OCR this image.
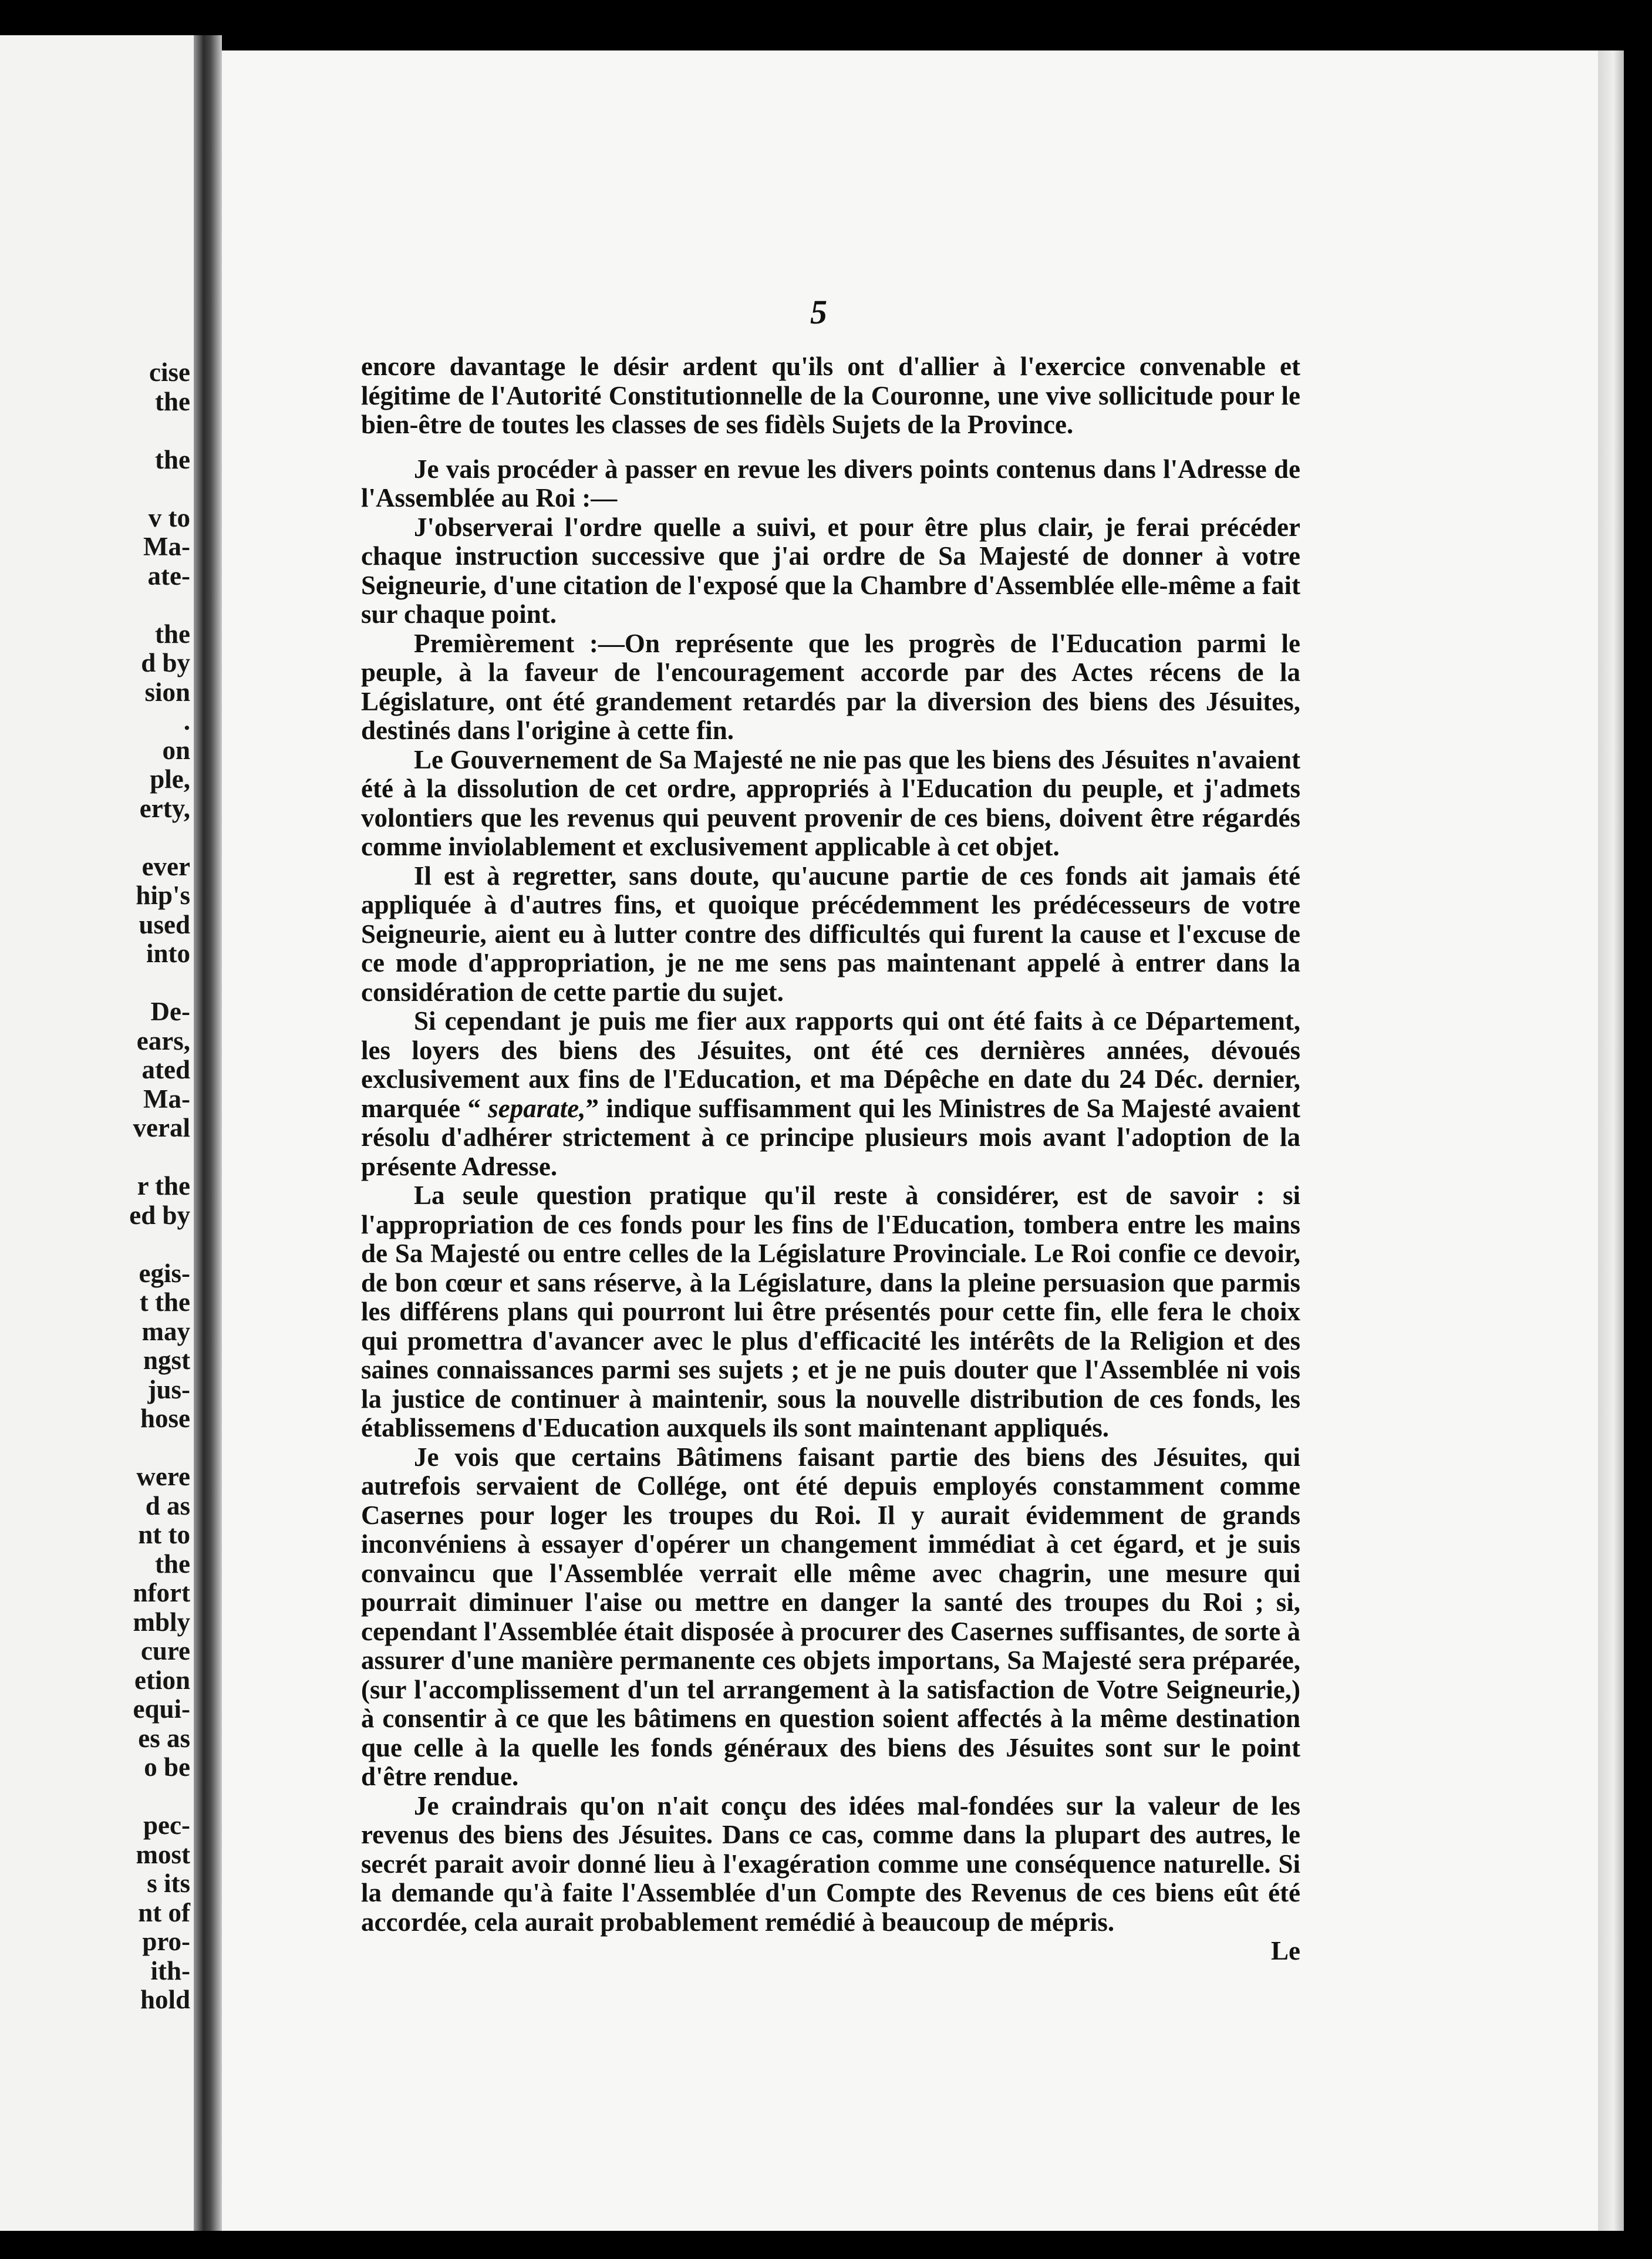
cise
the
the
v to
Ma-
ate-
the
d by
sion
.
on
ple,
erty,
ever
hip's
used
into
De-
ears,
ated
Ma-
veral
r the
ed by
egis-
t the
may
ngst
jus-
hose
were
d as
nt to
the
nfort
mbly
cure
etion
equi-
es as
o be
pec-
most
s its
nt of
pro-
ith-
hold
5

encore davantage le désir ardent qu'ils ont d'allier à l'exercice convenable et légitime de l'Autorité Constitutionnelle de la Couronne, une vive sollicitude pour le bien-être de toutes les classes de ses fidèls Sujets de la Province.

Je vais procéder à passer en revue les divers points contenus dans l'Adresse de l'Assemblée au Roi :—

J'observerai l'ordre quelle a suivi, et pour être plus clair, je ferai précéder chaque instruction successive que j'ai ordre de Sa Majesté de donner à votre Seigneurie, d'une citation de l'exposé que la Chambre d'Assemblée elle-même a fait sur chaque point.

Premièrement :—On représente que les progrès de l'Education parmi le peuple, à la faveur de l'encouragement accorde par des Actes récens de la Législature, ont été grandement retardés par la diversion des biens des Jésuites, destinés dans l'origine à cette fin.

Le Gouvernement de Sa Majesté ne nie pas que les biens des Jésuites n'avaient été à la dissolution de cet ordre, appropriés à l'Education du peuple, et j'admets volontiers que les revenus qui peuvent provenir de ces biens, doivent être régardés comme inviolablement et exclusivement applicable à cet objet.

Il est à regretter, sans doute, qu'aucune partie de ces fonds ait jamais été appliquée à d'autres fins, et quoique précédemment les prédécesseurs de votre Seigneurie, aient eu à lutter contre des difficultés qui furent la cause et l'excuse de ce mode d'appropriation, je ne me sens pas maintenant appelé à entrer dans la considération de cette partie du sujet.

Si cependant je puis me fier aux rapports qui ont été faits à ce Département, les loyers des biens des Jésuites, ont été ces dernières années, dévoués exclusivement aux fins de l'Education, et ma Dépêche en date du 24 Déc. dernier, marquée “ separate,” indique suffisamment qui les Ministres de Sa Majesté avaient résolu d'adhérer strictement à ce principe plusieurs mois avant l'adoption de la présente Adresse.

La seule question pratique qu'il reste à considérer, est de savoir : si l'appropriation de ces fonds pour les fins de l'Education, tombera entre les mains de Sa Majesté ou entre celles de la Législature Provinciale. Le Roi confie ce devoir, de bon cœur et sans réserve, à la Législature, dans la pleine persuasion que parmis les différens plans qui pourront lui être présentés pour cette fin, elle fera le choix qui promettra d'avancer avec le plus d'efficacité les intérêts de la Religion et des saines connaissances parmi ses sujets ; et je ne puis douter que l'Assemblée ni vois la justice de continuer à maintenir, sous la nouvelle distribution de ces fonds, les établissemens d'Education auxquels ils sont maintenant appliqués.

Je vois que certains Bâtimens faisant partie des biens des Jésuites, qui autrefois servaient de Collége, ont été depuis employés constamment comme Casernes pour loger les troupes du Roi. Il y aurait évidemment de grands inconvéniens à essayer d'opérer un changement immédiat à cet égard, et je suis convaincu que l'Assemblée verrait elle même avec chagrin, une mesure qui pourrait diminuer l'aise ou mettre en danger la santé des troupes du Roi ; si, cependant l'Assemblée était disposée à procurer des Casernes suffisantes, de sorte à assurer d'une manière permanente ces objets importans, Sa Majesté sera préparée, (sur l'accomplissement d'un tel arrangement à la satisfaction de Votre Seigneurie,) à consentir à ce que les bâtimens en question soient affectés à la même destination que celle à la quelle les fonds généraux des biens des Jésuites sont sur le point d'être rendue.

Je craindrais qu'on n'ait conçu des idées mal-fondées sur la valeur de les revenus des biens des Jésuites. Dans ce cas, comme dans la plupart des autres, le secrét parait avoir donné lieu à l'exagération comme une conséquence naturelle. Si la demande qu'à faite l'Assemblée d'un Compte des Revenus de ces biens eût été accordée, cela aurait probablement remédié à beaucoup de mépris.

Le
